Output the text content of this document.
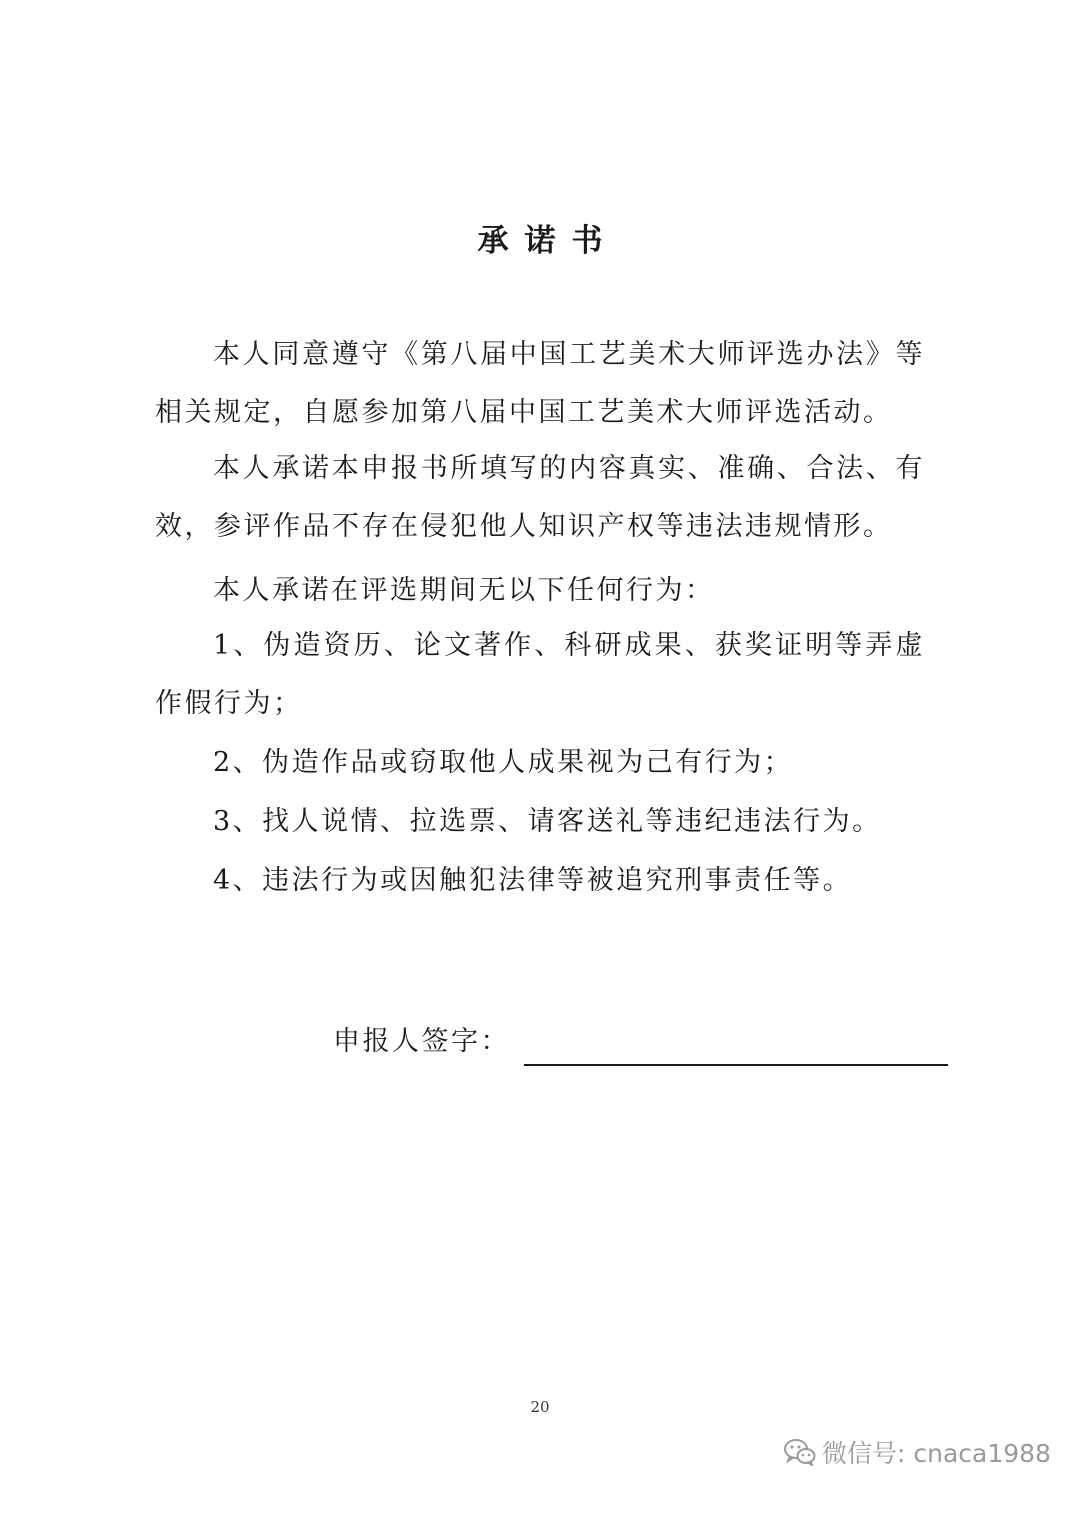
承诺书

本人同意遵守《第八届中国工艺美术大师评选办法》等相关规定，自愿参加第八届中国工艺美术大师评选活动。

本人承诺本申报书所填写的内容真实、准确、合法、有效，参评作品不存在侵犯他人知识产权等违法违规情形。

本人承诺在评选期间无以下任何行为：

1、伪造资历、论文著作、科研成果、获奖证明等弄虚作假行为；

2、伪造作品或窃取他人成果视为己有行为；

3、找人说情、拉选票、请客送礼等违纪违法行为。

4、违法行为或因触犯法律等被追究刑事责任等。

申报人签字：
20
微信号: cnaca1988
